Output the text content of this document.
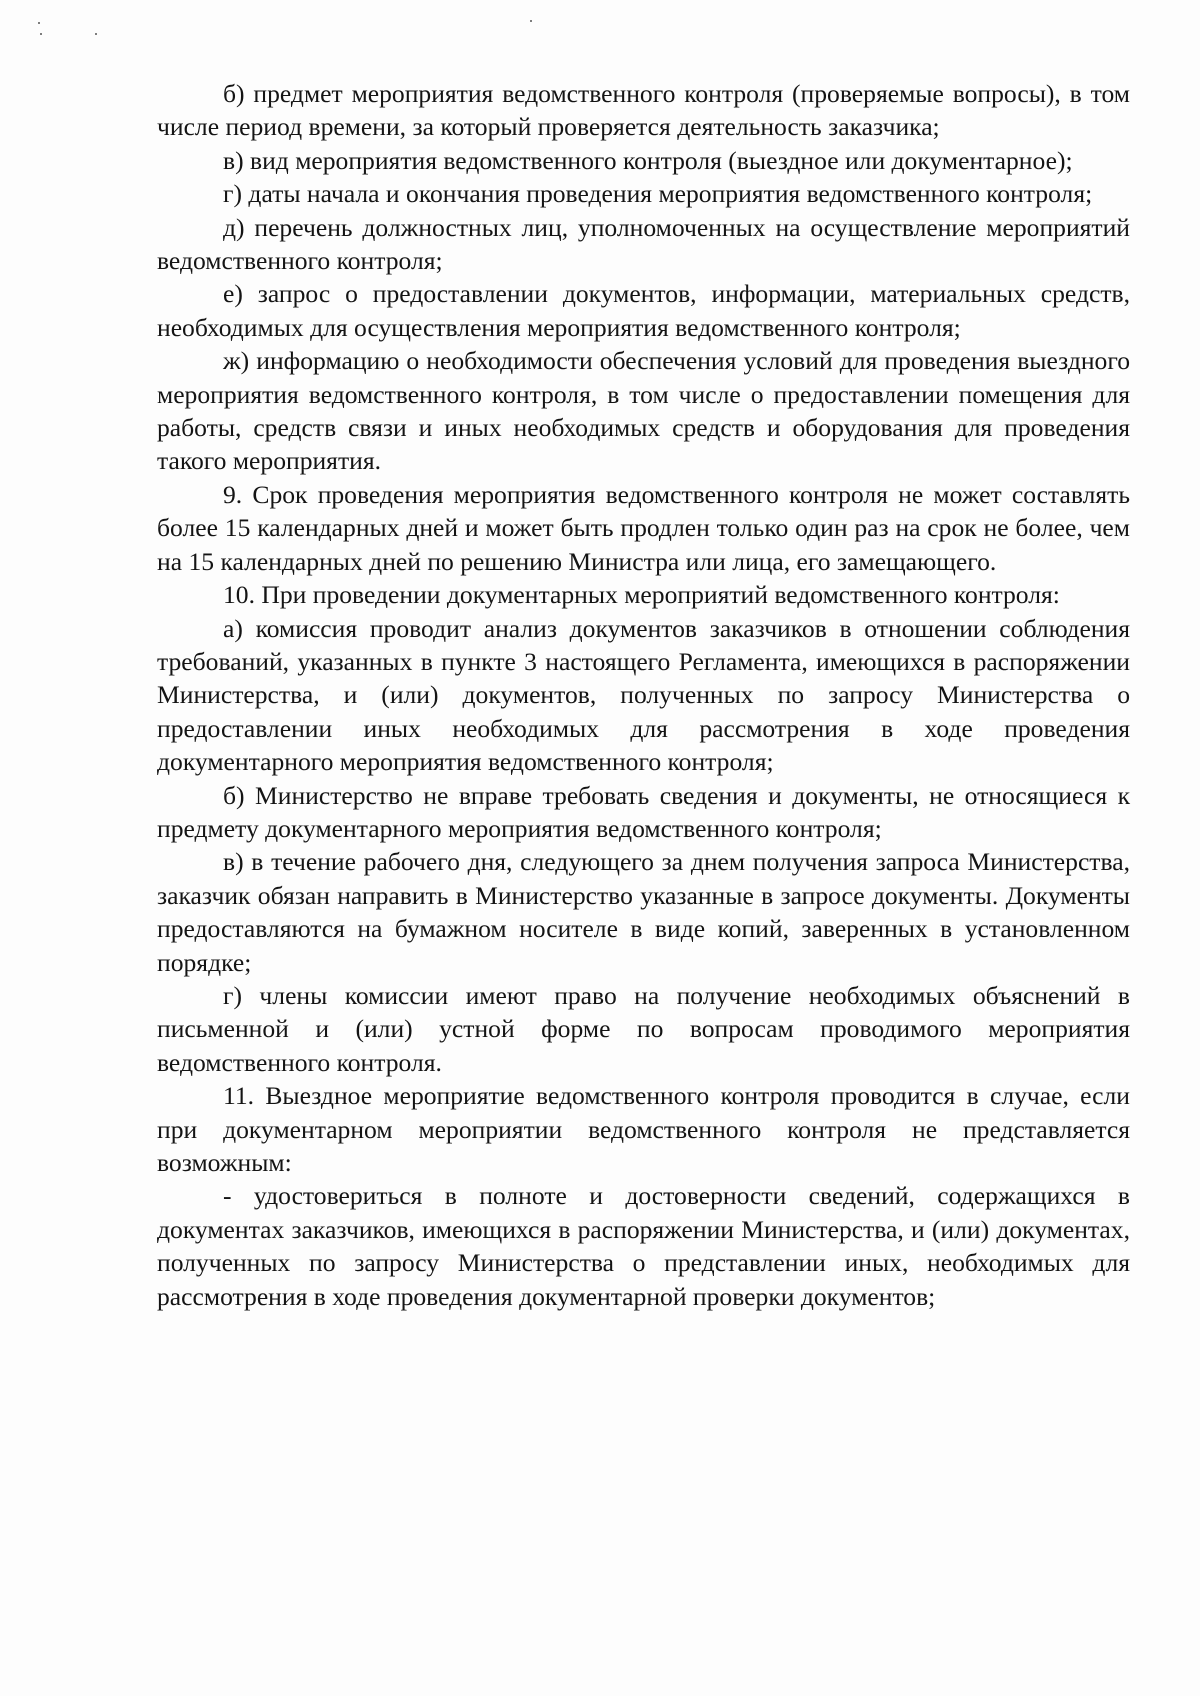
б) предмет мероприятия ведомственного контроля (проверяемые вопросы), в том числе период времени, за который проверяется деятельность заказчика;

в) вид мероприятия ведомственного контроля (выездное или документарное);

г) даты начала и окончания проведения мероприятия ведомственного контроля;

д) перечень должностных лиц, уполномоченных на осуществление мероприятий ведомственного контроля;

е) запрос о предоставлении документов, информации, материальных средств, необходимых для осуществления мероприятия ведомственного контроля;

ж) информацию о необходимости обеспечения условий для проведения выездного мероприятия ведомственного контроля, в том числе о предоставлении помещения для работы, средств связи и иных необходимых средств и оборудования для проведения такого мероприятия.

9. Срок проведения мероприятия ведомственного контроля не может составлять более 15 календарных дней и может быть продлен только один раз на срок не более, чем на 15 календарных дней по решению Министра или лица, его замещающего.

10. При проведении документарных мероприятий ведомственного контроля:

а) комиссия проводит анализ документов заказчиков в отношении соблюдения требований, указанных в пункте 3 настоящего Регламента, имеющихся в распоряжении Министерства, и (или) документов, полученных по запросу Министерства о предоставлении иных необходимых для рассмотрения в ходе проведения документарного мероприятия ведомственного контроля;

б) Министерство не вправе требовать сведения и документы, не относящиеся к предмету документарного мероприятия ведомственного контроля;

в) в течение рабочего дня, следующего за днем получения запроса Министерства, заказчик обязан направить в Министерство указанные в запросе документы. Документы предоставляются на бумажном носителе в виде копий, заверенных в установленном порядке;

г) члены комиссии имеют право на получение необходимых объяснений в письменной и (или) устной форме по вопросам проводимого мероприятия ведомственного контроля.

11. Выездное мероприятие ведомственного контроля проводится в случае, если при документарном мероприятии ведомственного контроля не представляется возможным:

- удостовериться в полноте и достоверности сведений, содержащихся в документах заказчиков, имеющихся в распоряжении Министерства, и (или) документах, полученных по запросу Министерства о представлении иных, необходимых для рассмотрения в ходе проведения документарной проверки документов;
